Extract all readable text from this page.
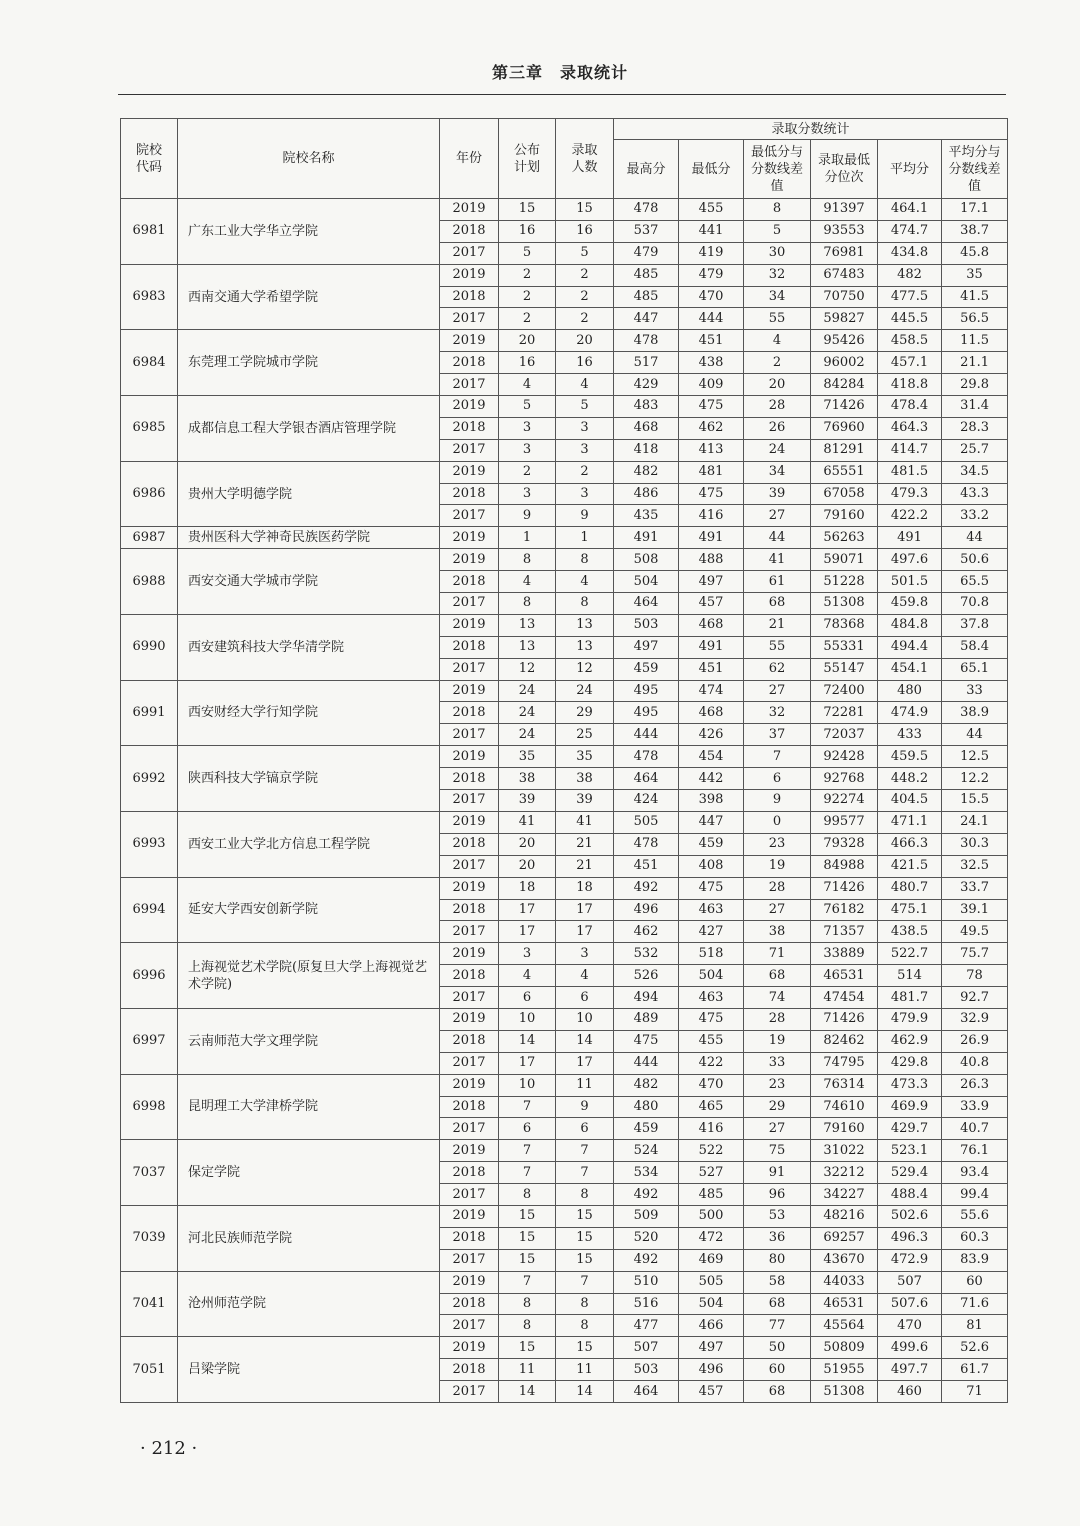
第三章　录取统计
院校代码	院校名称	年份	公布计划	录取人数	录取分数统计					
					最高分	最低分	最低分与分数线差值	录取最低分位次	平均分	平均分与分数线差值
6981	广东工业大学华立学院	2019	15	15	478	455	8	91397	464.1	17.1
		2018	16	16	537	441	5	93553	474.7	38.7
		2017	5	5	479	419	30	76981	434.8	45.8
6983	西南交通大学希望学院	2019	2	2	485	479	32	67483	482	35
		2018	2	2	485	470	34	70750	477.5	41.5
		2017	2	2	447	444	55	59827	445.5	56.5
6984	东莞理工学院城市学院	2019	20	20	478	451	4	95426	458.5	11.5
		2018	16	16	517	438	2	96002	457.1	21.1
		2017	4	4	429	409	20	84284	418.8	29.8
6985	成都信息工程大学银杏酒店管理学院	2019	5	5	483	475	28	71426	478.4	31.4
		2018	3	3	468	462	26	76960	464.3	28.3
		2017	3	3	418	413	24	81291	414.7	25.7
6986	贵州大学明德学院	2019	2	2	482	481	34	65551	481.5	34.5
		2018	3	3	486	475	39	67058	479.3	43.3
		2017	9	9	435	416	27	79160	422.2	33.2
6987	贵州医科大学神奇民族医药学院	2019	1	1	491	491	44	56263	491	44
6988	西安交通大学城市学院	2019	8	8	508	488	41	59071	497.6	50.6
		2018	4	4	504	497	61	51228	501.5	65.5
		2017	8	8	464	457	68	51308	459.8	70.8
6990	西安建筑科技大学华清学院	2019	13	13	503	468	21	78368	484.8	37.8
		2018	13	13	497	491	55	55331	494.4	58.4
		2017	12	12	459	451	62	55147	454.1	65.1
6991	西安财经大学行知学院	2019	24	24	495	474	27	72400	480	33
		2018	24	29	495	468	32	72281	474.9	38.9
		2017	24	25	444	426	37	72037	433	44
6992	陕西科技大学镐京学院	2019	35	35	478	454	7	92428	459.5	12.5
		2018	38	38	464	442	6	92768	448.2	12.2
		2017	39	39	424	398	9	92274	404.5	15.5
6993	西安工业大学北方信息工程学院	2019	41	41	505	447	0	99577	471.1	24.1
		2018	20	21	478	459	23	79328	466.3	30.3
		2017	20	21	451	408	19	84988	421.5	32.5
6994	延安大学西安创新学院	2019	18	18	492	475	28	71426	480.7	33.7
		2018	17	17	496	463	27	76182	475.1	39.1
		2017	17	17	462	427	38	71357	438.5	49.5
6996	上海视觉艺术学院(原复旦大学上海视觉艺术学院)	2019	3	3	532	518	71	33889	522.7	75.7
		2018	4	4	526	504	68	46531	514	78
		2017	6	6	494	463	74	47454	481.7	92.7
6997	云南师范大学文理学院	2019	10	10	489	475	28	71426	479.9	32.9
		2018	14	14	475	455	19	82462	462.9	26.9
		2017	17	17	444	422	33	74795	429.8	40.8
6998	昆明理工大学津桥学院	2019	10	11	482	470	23	76314	473.3	26.3
		2018	7	9	480	465	29	74610	469.9	33.9
		2017	6	6	459	416	27	79160	429.7	40.7
7037	保定学院	2019	7	7	524	522	75	31022	523.1	76.1
		2018	7	7	534	527	91	32212	529.4	93.4
		2017	8	8	492	485	96	34227	488.4	99.4
7039	河北民族师范学院	2019	15	15	509	500	53	48216	502.6	55.6
		2018	15	15	520	472	36	69257	496.3	60.3
		2017	15	15	492	469	80	43670	472.9	83.9
7041	沧州师范学院	2019	7	7	510	505	58	44033	507	60
		2018	8	8	516	504	68	46531	507.6	71.6
		2017	8	8	477	466	77	45564	470	81
7051	吕梁学院	2019	15	15	507	497	50	50809	499.6	52.6
		2018	11	11	503	496	60	51955	497.7	61.7
		2017	14	14	464	457	68	51308	460	71
· 212 ·
